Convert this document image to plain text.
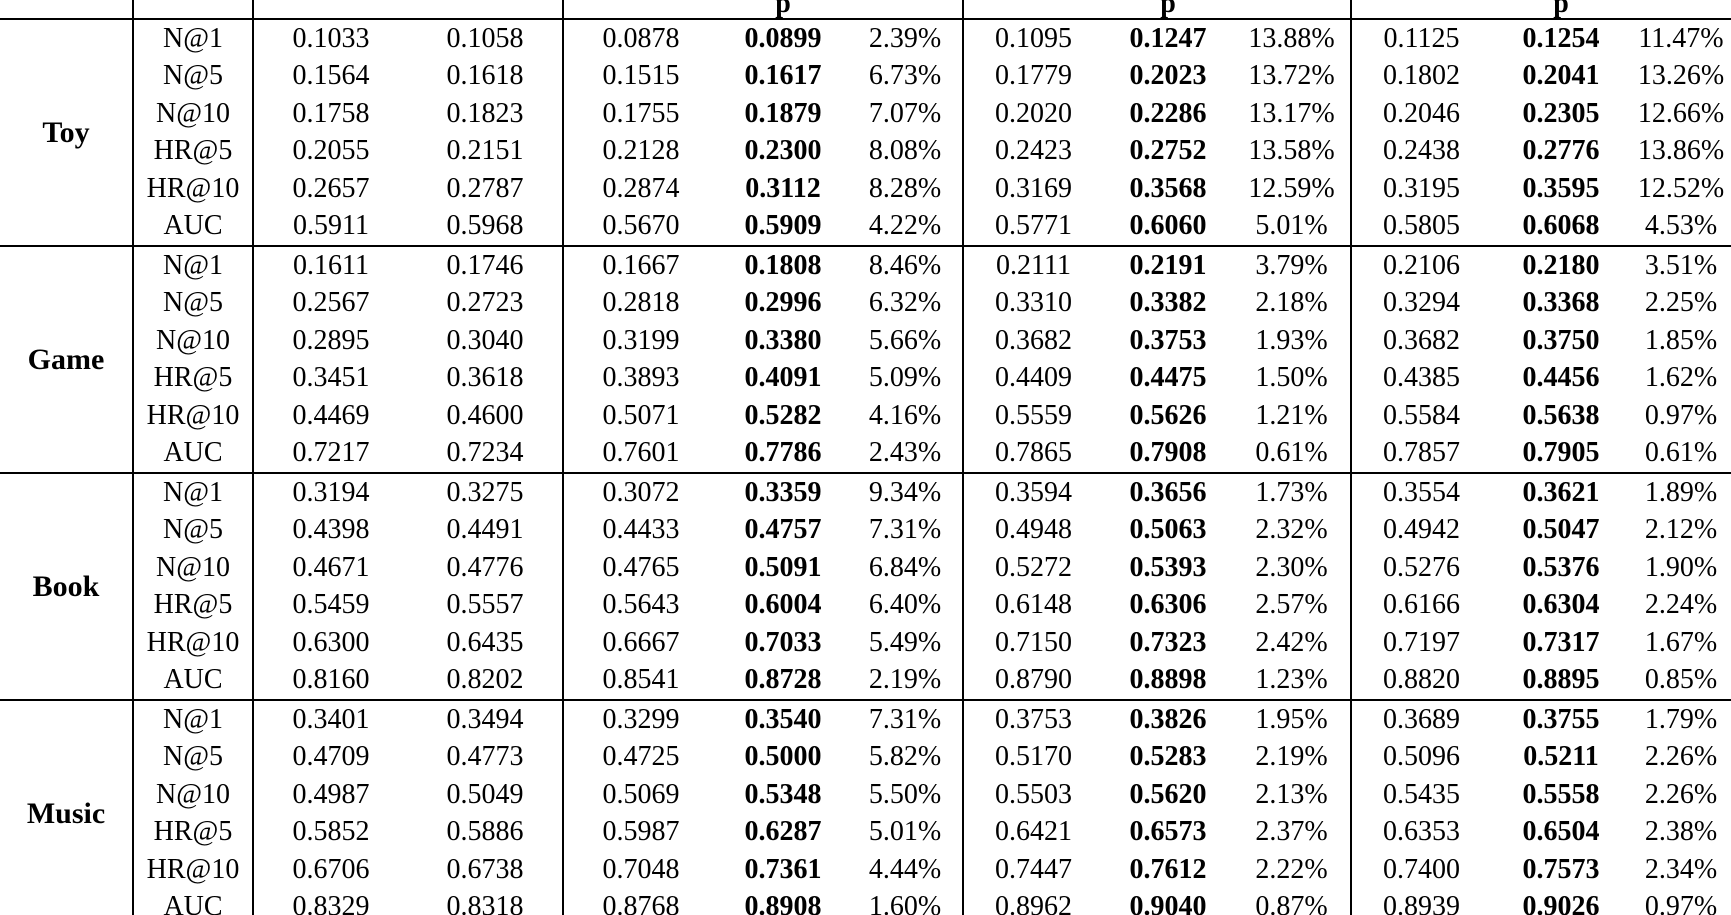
					p			p			p	
Toy	N@1	0.1033	0.1058	0.0878	0.0899	2.39%	0.1095	0.1247	13.88%	0.1125	0.1254	11.47%
	N@5	0.1564	0.1618	0.1515	0.1617	6.73%	0.1779	0.2023	13.72%	0.1802	0.2041	13.26%
	N@10	0.1758	0.1823	0.1755	0.1879	7.07%	0.2020	0.2286	13.17%	0.2046	0.2305	12.66%
	HR@5	0.2055	0.2151	0.2128	0.2300	8.08%	0.2423	0.2752	13.58%	0.2438	0.2776	13.86%
	HR@10	0.2657	0.2787	0.2874	0.3112	8.28%	0.3169	0.3568	12.59%	0.3195	0.3595	12.52%
	AUC	0.5911	0.5968	0.5670	0.5909	4.22%	0.5771	0.6060	5.01%	0.5805	0.6068	4.53%
Game	N@1	0.1611	0.1746	0.1667	0.1808	8.46%	0.2111	0.2191	3.79%	0.2106	0.2180	3.51%
	N@5	0.2567	0.2723	0.2818	0.2996	6.32%	0.3310	0.3382	2.18%	0.3294	0.3368	2.25%
	N@10	0.2895	0.3040	0.3199	0.3380	5.66%	0.3682	0.3753	1.93%	0.3682	0.3750	1.85%
	HR@5	0.3451	0.3618	0.3893	0.4091	5.09%	0.4409	0.4475	1.50%	0.4385	0.4456	1.62%
	HR@10	0.4469	0.4600	0.5071	0.5282	4.16%	0.5559	0.5626	1.21%	0.5584	0.5638	0.97%
	AUC	0.7217	0.7234	0.7601	0.7786	2.43%	0.7865	0.7908	0.61%	0.7857	0.7905	0.61%
Book	N@1	0.3194	0.3275	0.3072	0.3359	9.34%	0.3594	0.3656	1.73%	0.3554	0.3621	1.89%
	N@5	0.4398	0.4491	0.4433	0.4757	7.31%	0.4948	0.5063	2.32%	0.4942	0.5047	2.12%
	N@10	0.4671	0.4776	0.4765	0.5091	6.84%	0.5272	0.5393	2.30%	0.5276	0.5376	1.90%
	HR@5	0.5459	0.5557	0.5643	0.6004	6.40%	0.6148	0.6306	2.57%	0.6166	0.6304	2.24%
	HR@10	0.6300	0.6435	0.6667	0.7033	5.49%	0.7150	0.7323	2.42%	0.7197	0.7317	1.67%
	AUC	0.8160	0.8202	0.8541	0.8728	2.19%	0.8790	0.8898	1.23%	0.8820	0.8895	0.85%
Music	N@1	0.3401	0.3494	0.3299	0.3540	7.31%	0.3753	0.3826	1.95%	0.3689	0.3755	1.79%
	N@5	0.4709	0.4773	0.4725	0.5000	5.82%	0.5170	0.5283	2.19%	0.5096	0.5211	2.26%
	N@10	0.4987	0.5049	0.5069	0.5348	5.50%	0.5503	0.5620	2.13%	0.5435	0.5558	2.26%
	HR@5	0.5852	0.5886	0.5987	0.6287	5.01%	0.6421	0.6573	2.37%	0.6353	0.6504	2.38%
	HR@10	0.6706	0.6738	0.7048	0.7361	4.44%	0.7447	0.7612	2.22%	0.7400	0.7573	2.34%
	AUC	0.8329	0.8318	0.8768	0.8908	1.60%	0.8962	0.9040	0.87%	0.8939	0.9026	0.97%
